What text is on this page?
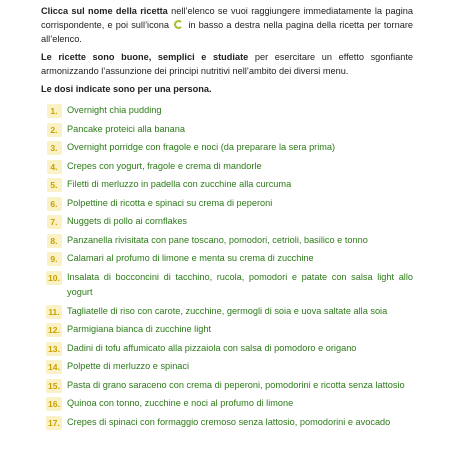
Clicca sul nome della ricetta nell’elenco se vuoi raggiungere immediatamente la pagina corrispondente, e poi sull’icona  in basso a destra nella pagina della ricetta per tornare all’elenco.

Le ricette sono buone, semplici e studiate per esercitare un effetto sgonfiante armonizzando l’assunzione dei principi nutritivi nell’ambito dei diversi menu.

Le dosi indicate sono per una persona.

1.	Overnight chia pudding
2.	Pancake proteici alla banana
3.	Overnight porridge con fragole e noci (da preparare la sera prima)
4.	Crepes con yogurt, fragole e crema di mandorle
5.	Filetti di merluzzo in padella con zucchine alla curcuma
6.	Polpettine di ricotta e spinaci su crema di peperoni
7.	Nuggets di pollo ai cornflakes
8.	Panzanella rivisitata con pane toscano, pomodori, cetrioli, basilico e tonno
9.	Calamari al profumo di limone e menta su crema di zucchine
10. Insalata di bocconcini di tacchino, rucola, pomodori e patate con salsa light allo yogurt
11. Tagliatelle di riso con carote, zucchine, germogli di soia e uova saltate alla soia
12. Parmigiana bianca di zucchine light
13. Dadini di tofu affumicato alla pizzaiola con salsa di pomodoro e origano
14. Polpette di merluzzo e spinaci
15. Pasta di grano saraceno con crema di peperoni, pomodorini e ricotta senza lattosio
16. Quinoa con tonno, zucchine e noci al profumo di limone
17. Crepes di spinaci con formaggio cremoso senza lattosio, pomodorini e avocado
